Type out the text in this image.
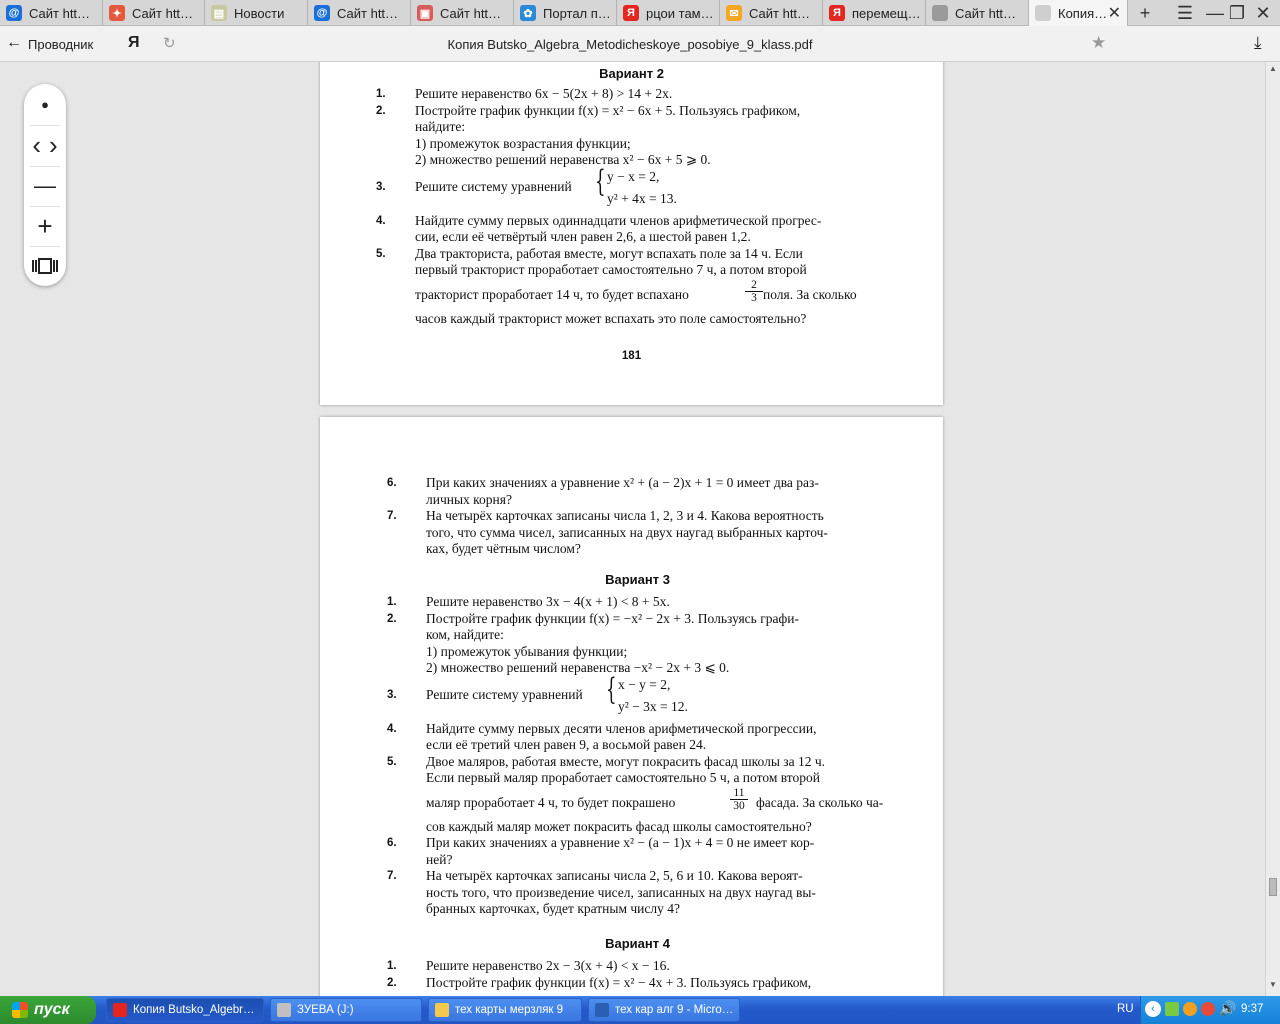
@ Сайт htt…	✦ Сайт htt… ▤ Новости	@ Сайт htt… ▣ Сайт htt…	✿ Портал п…	Я рцои там…	✉ Сайт htt…	Я перемещ…	Сайт htt…	Копия… ✕	+	☰ — ❐ ✕
← Проводник Я ↻	Копия Butsko_Algebra_Metodicheskoye_posobiye_9_klass.pdf	★	⤓
Вариант 2
1. Решите неравенство 6x − 5(2x + 8) > 14 + 2x.
2. Постройте график функции f(x) = x² − 6x + 5. Пользуясь графиком,
найдите:
1) промежуток возрастания функции;
2) множество решений неравенства x² − 6x + 5 ⩾ 0.
3. Решите систему уравнений { y − x = 2,
y² + 4x = 13.
4. Найдите сумму первых одиннадцати членов арифметической прогрес-
сии, если её четвёртый член равен 2,6, а шестой равен 1,2.
5. Два тракториста, работая вместе, могут вспахать поле за 14 ч. Если
первый тракторист проработает самостоятельно 7 ч, а потом второй
тракторист проработает 14 ч, то будет вспахано	$\frac{2}{3}$ поля. За сколько
часов каждый тракторист может вспахать это поле самостоятельно?
181
6. При каких значениях a уравнение x² + (a − 2)x + 1 = 0 имеет два раз-
личных корня?
7. На четырёх карточках записаны числа 1, 2, 3 и 4. Какова вероятность
того, что сумма чисел, записанных на двух наугад выбранных карточ-
ках, будет чётным числом?
Вариант 3
1. Решите неравенство 3x − 4(x + 1) < 8 + 5x.
2. Постройте график функции f(x) = −x² − 2x + 3. Пользуясь графи-
ком, найдите:
1) промежуток убывания функции;
2) множество решений неравенства −x² − 2x + 3 ⩽ 0.
3. Решите систему уравнений { x − y = 2,
y² − 3x = 12.
4. Найдите сумму первых десяти членов арифметической прогрессии,
если её третий член равен 9, а восьмой равен 24.
5. Двое маляров, работая вместе, могут покрасить фасад школы за 12 ч.
Если первый маляр проработает самостоятельно 5 ч, а потом второй
маляр проработает 4 ч, то будет покрашено	$\frac{11}{30}$ фасада. За сколько ча-
сов каждый маляр может покрасить фасад школы самостоятельно?
6. При каких значениях a уравнение x² − (a − 1)x + 4 = 0 не имеет кор-
ней?
7. На четырёх карточках записаны числа 2, 5, 6 и 10. Какова вероят-
ность того, что произведение чисел, записанных на двух наугад вы-
бранных карточках, будет кратным числу 4?
Вариант 4
1. Решите неравенство 2x − 3(x + 4) < x − 16.
2. Постройте график функции f(x) = x² − 4x + 3. Пользуясь графиком,
●
‹ ›
—
+
▲
▼
пуск	RU	‹	🔊 9:37
Копия Butsko_Algebr…	ЗУЕВА (J:)	тех карты мерзляк 9	тех кар алг 9 - Micro…
